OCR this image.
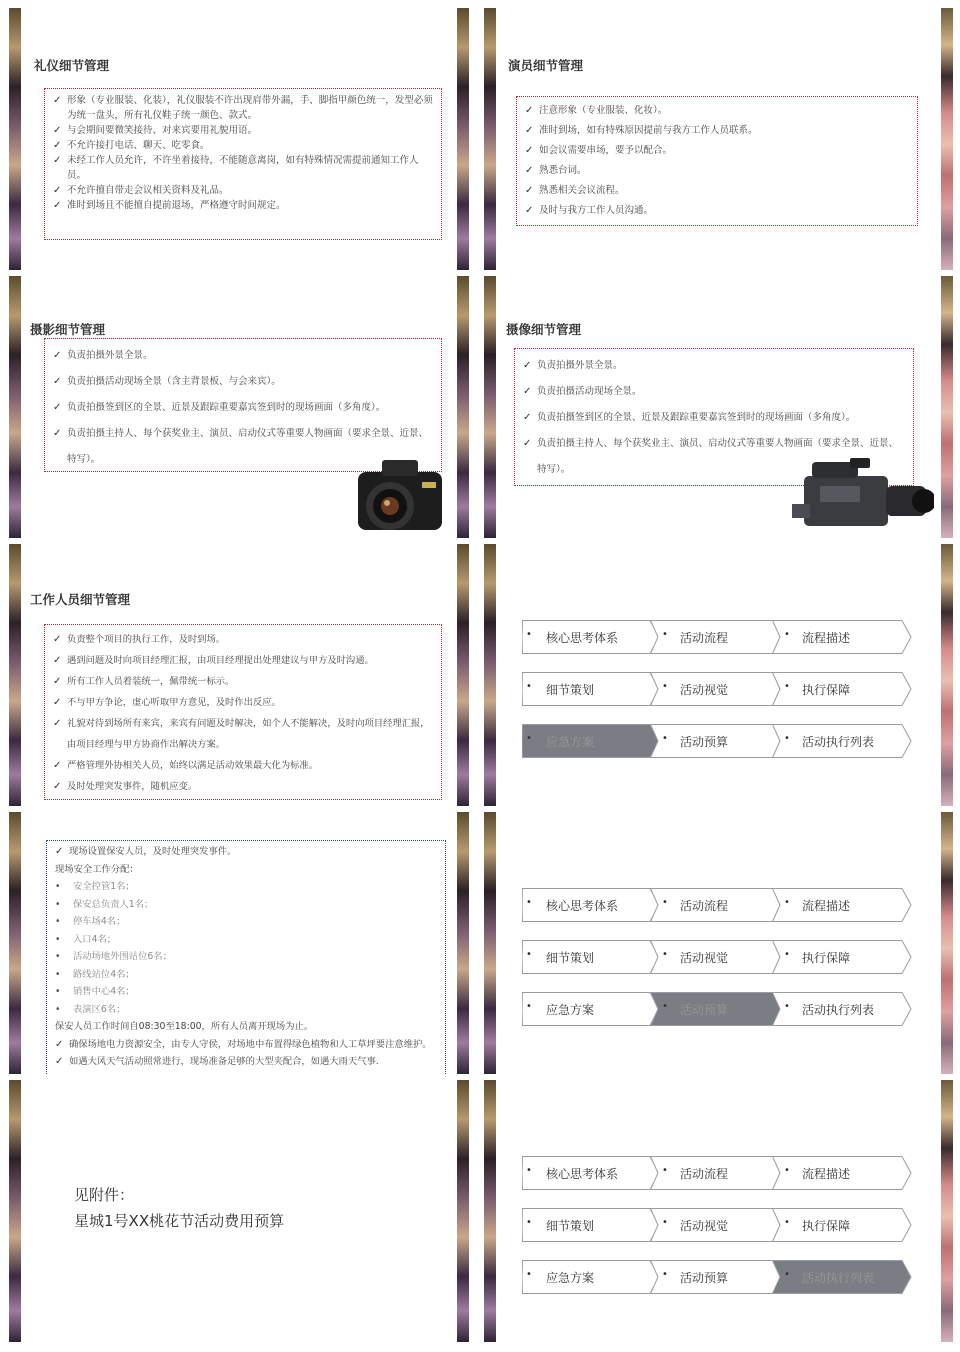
礼仪细节管理
✓ 形象（专业服装、化装），礼仪服装不许出现肩带外漏，手、脚指甲颜色统一，发型必须为统一盘头，所有礼仪鞋子统一颜色、款式。
✓ 与会期间要微笑接待、对来宾要用礼貌用语。
✓ 不允许接打电话、聊天、吃零食。
✓ 未经工作人员允许，不许坐着接待，不能随意离岗，如有特殊情况需提前通知工作人员。
✓ 不允许擅自带走会议相关资料及礼品。
✓ 准时到场且不能擅自提前退场，严格遵守时间规定。
演员细节管理
✓ 注意形象（专业服装、化妆）。
✓ 准时到场，如有特殊原因提前与我方工作人员联系。
✓ 如会议需要串场，要予以配合。
✓ 熟悉台词。
✓ 熟悉相关会议流程。
✓ 及时与我方工作人员沟通。
摄影细节管理
✓ 负责拍摄外景全景。
✓ 负责拍摄活动现场全景（含主背景板、与会来宾）。
✓ 负责拍摄签到区的全景、近景及跟踪重要嘉宾签到时的现场画面（多角度）。
✓ 负责拍摄主持人、每个获奖业主、演员、启动仪式等重要人物画面（要求全景、近景、特写）。
摄像细节管理
✓ 负责拍摄外景全景。
✓ 负责拍摄活动现场全景。
✓ 负责拍摄签到区的全景、近景及跟踪重要嘉宾签到时的现场画面（多角度）。
✓ 负责拍摄主持人、每个获奖业主、演员、启动仪式等重要人物画面（要求全景、近景、特写）。
工作人员细节管理
✓ 负责整个项目的执行工作，及时到场。
✓ 遇到问题及时向项目经理汇报，由项目经理提出处理建议与甲方及时沟通。
✓ 所有工作人员着装统一，佩带统一标示。
✓ 不与甲方争论，虚心听取甲方意见，及时作出反应。
✓ 礼貌对待到场所有来宾，来宾有问题及时解决，如个人不能解决，及时向项目经理汇报，由项目经理与甲方协商作出解决方案。
✓ 严格管理外协相关人员，始终以满足活动效果最大化为标准。
✓ 及时处理突发事件，随机应变。
• 核心思考体系	• 活动流程	• 流程描述
• 细节策划	• 活动视觉	• 执行保障
• 应急方案	• 活动预算	• 活动执行列表
✓ 现场设置保安人员，及时处理突发事件。
现场安全工作分配：
• 安全控管1名；
• 保安总负责人1名；
• 停车场4名；
• 入口4名；
• 活动场地外围站位6名；
• 路线站位4名；
• 销售中心4名；
• 表演区6名；
保安人员工作时间自08:30至18:00，所有人员离开现场为止。
✓ 确保场地电力资源安全，由专人守侯，对场地中布置得绿色植物和人工草坪要注意维护。
✓ 如遇大风天气活动照常进行，现场准备足够的大型夹配合，如遇大雨天气事.
• 核心思考体系	• 活动流程	• 流程描述
• 细节策划	• 活动视觉	• 执行保障
• 应急方案	• 活动预算	• 活动执行列表
见附件：
星城1号XX桃花节活动费用预算
• 核心思考体系	• 活动流程	• 流程描述
• 细节策划	• 活动视觉	• 执行保障
• 应急方案	• 活动预算	• 活动执行列表
